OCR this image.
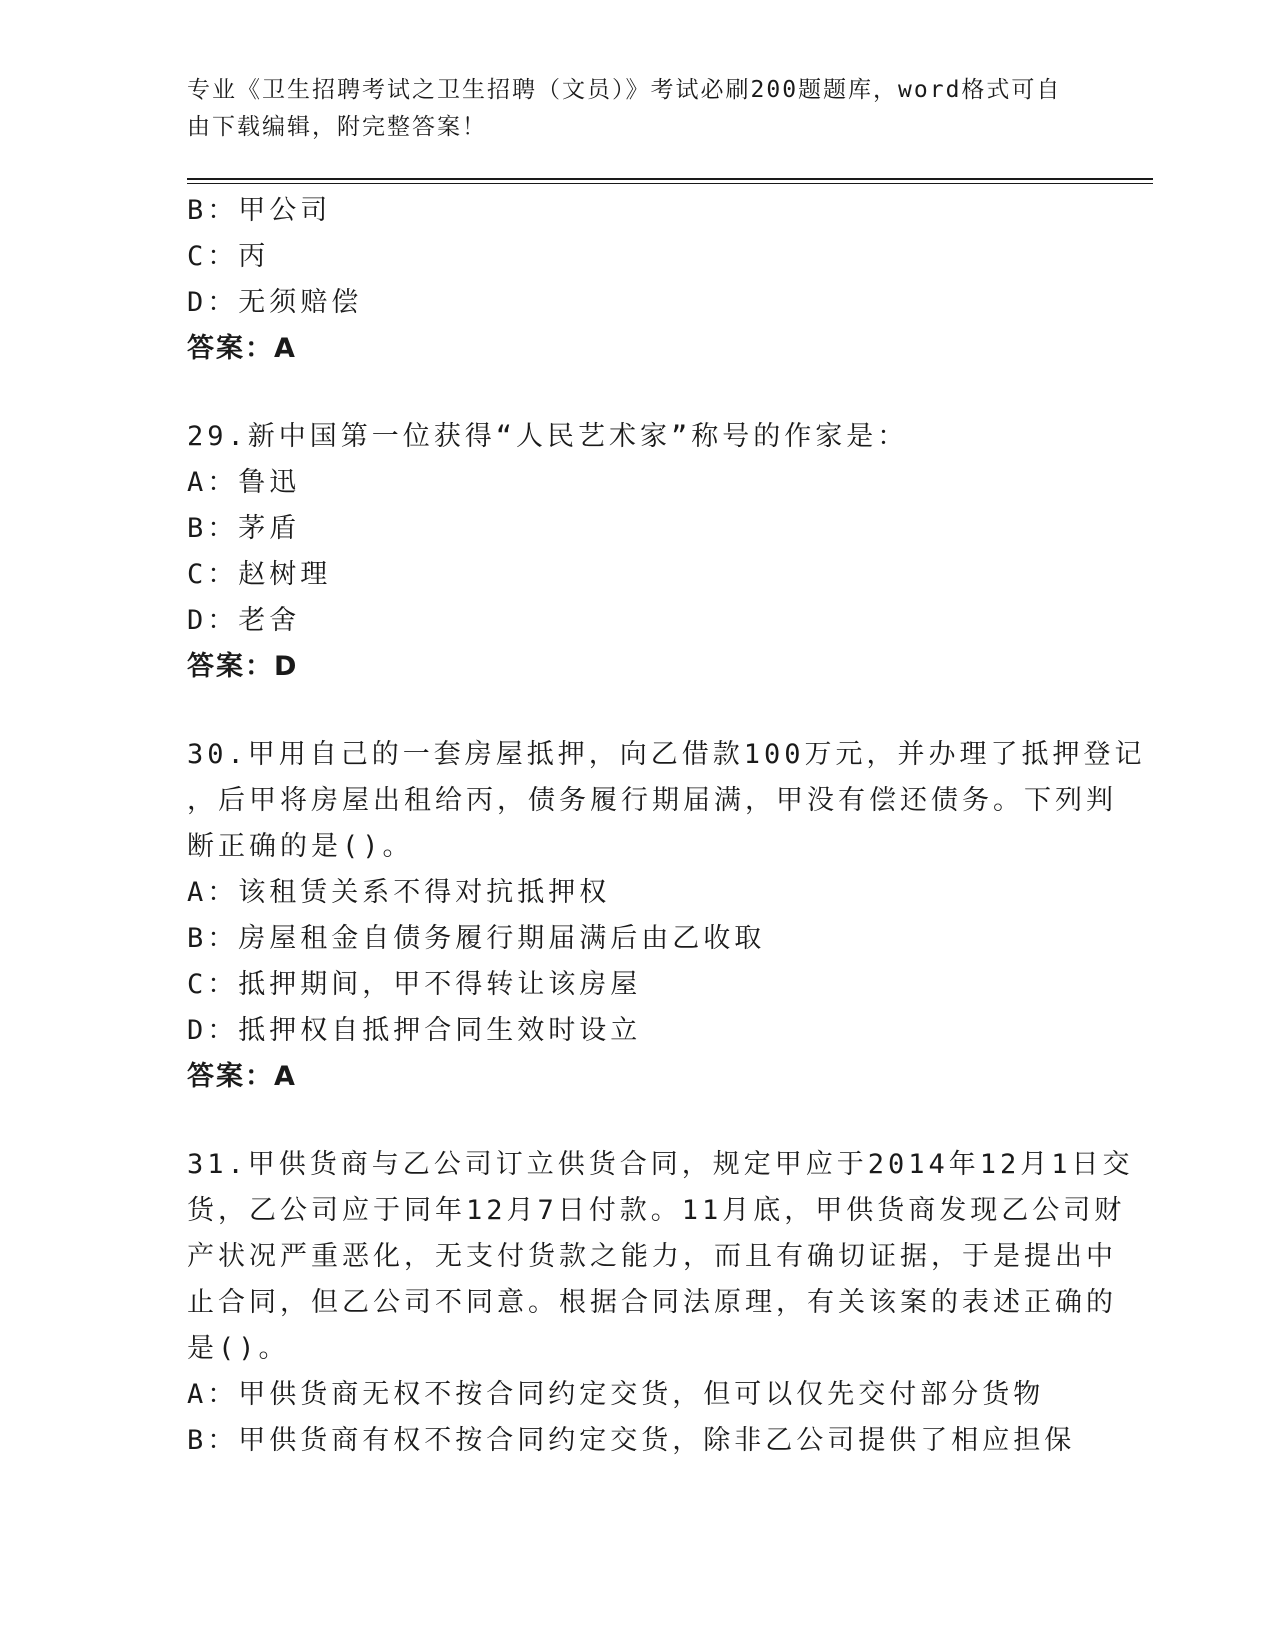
专业《卫生招聘考试之卫生招聘（文员）》考试必刷200题题库，word格式可自
由下载编辑，附完整答案！
B：甲公司
C：丙
D：无须赔偿
答案：A
29.新中国第一位获得“人民艺术家”称号的作家是：
A：鲁迅
B：茅盾
C：赵树理
D：老舍
答案：D
30.甲用自己的一套房屋抵押，向乙借款100万元，并办理了抵押登记
，后甲将房屋出租给丙，债务履行期届满，甲没有偿还债务。下列判
断正确的是()。
A：该租赁关系不得对抗抵押权
B：房屋租金自债务履行期届满后由乙收取
C：抵押期间，甲不得转让该房屋
D：抵押权自抵押合同生效时设立
答案：A
31.甲供货商与乙公司订立供货合同，规定甲应于2014年12月1日交
货，乙公司应于同年12月7日付款。11月底，甲供货商发现乙公司财
产状况严重恶化，无支付货款之能力，而且有确切证据，于是提出中
止合同，但乙公司不同意。根据合同法原理，有关该案的表述正确的
是()。
A：甲供货商无权不按合同约定交货，但可以仅先交付部分货物
B：甲供货商有权不按合同约定交货，除非乙公司提供了相应担保
